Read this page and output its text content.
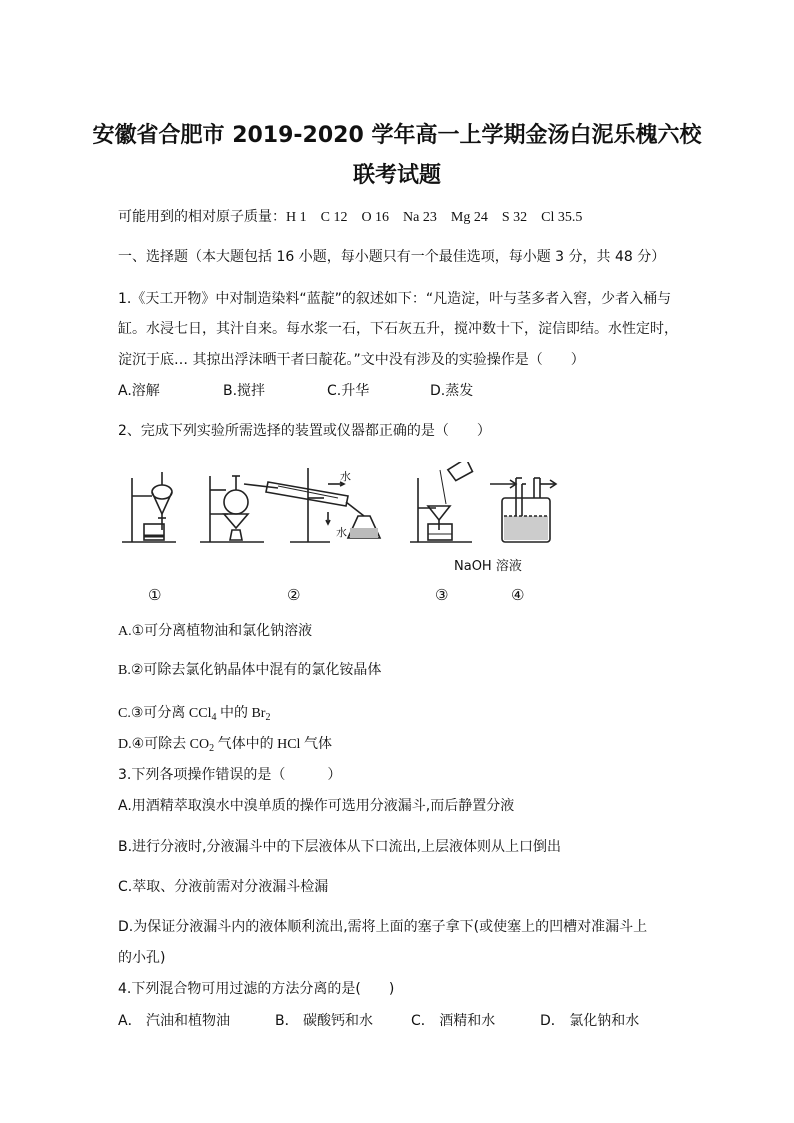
安徽省合肥市 2019-2020 学年高一上学期金汤白泥乐槐六校
联考试题
可能用到的相对原子质量：H 1　C 12　O 16　Na 23　Mg 24　S 32　Cl 35.5
一、选择题（本大题包括 16 小题，每小题只有一个最佳选项，每小题 3 分，共 48 分）
1.《天工开物》中对制造染料“蓝靛”的叙述如下：“凡造淀，叶与茎多者入窖，少者入桶与
缸。水浸七日，其汁自来。每水浆一石，下石灰五升，搅冲数十下，淀信即结。水性定时，
淀沉于底… 其掠出浮沫晒干者曰靛花。”文中没有涉及的实验操作是（　　）
A.溶解	B.搅拌	C.升华	D.蒸发
2、完成下列实验所需选择的装置或仪器都正确的是（　　）
水
水
NaOH 溶液
①	②	③	④
A.①可分离植物油和氯化钠溶液
B.②可除去氯化钠晶体中混有的氯化铵晶体
C.③可分离 CCl$_4$ 中的 $Br_2$
D.④可除去 $CO_2$ 气体中的 HCl 气体
3.下列各项操作错误的是（　　　）
A.用酒精萃取溴水中溴单质的操作可选用分液漏斗,而后静置分液
B.进行分液时,分液漏斗中的下层液体从下口流出,上层液体则从上口倒出
C.萃取、分液前需对分液漏斗检漏
D.为保证分液漏斗内的液体顺利流出,需将上面的塞子拿下(或使塞上的凹槽对准漏斗上
的小孔)
4.下列混合物可用过滤的方法分离的是(　　)
A． 汽油和植物油	B． 碳酸钙和水	C． 酒精和水	D． 氯化钠和水
